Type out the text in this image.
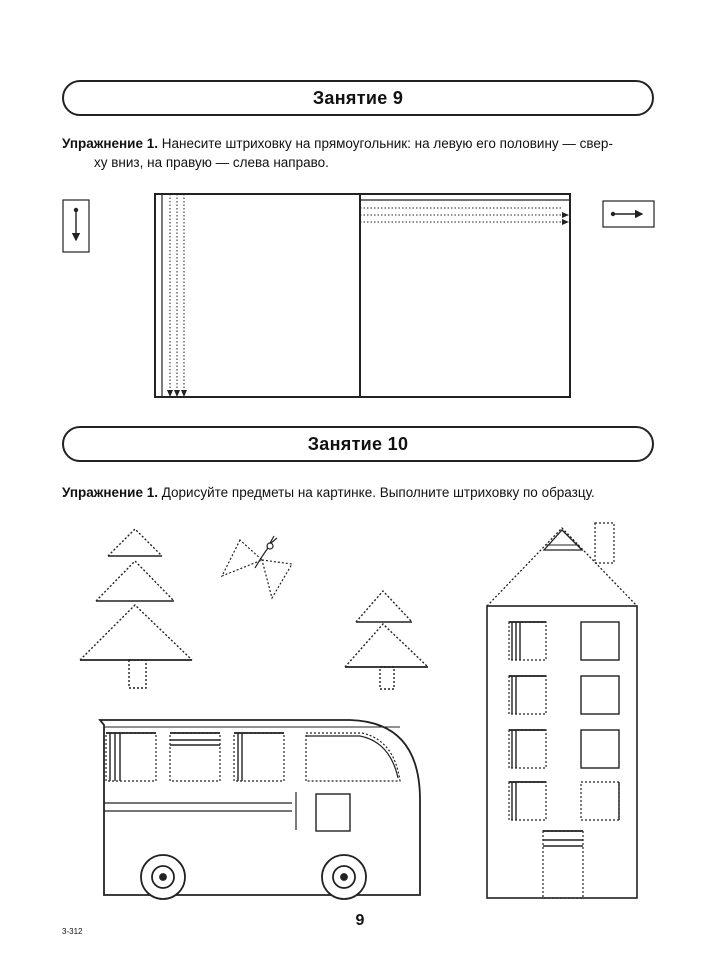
Занятие 9
Упражнение 1. Нанесите штриховку на прямоугольник: на левую его половину — свер-
ху вниз, на правую — слева направо.
Занятие 10
Упражнение 1. Дорисуйте предметы на картинке. Выполните штриховку по образцу.
9
3-312
